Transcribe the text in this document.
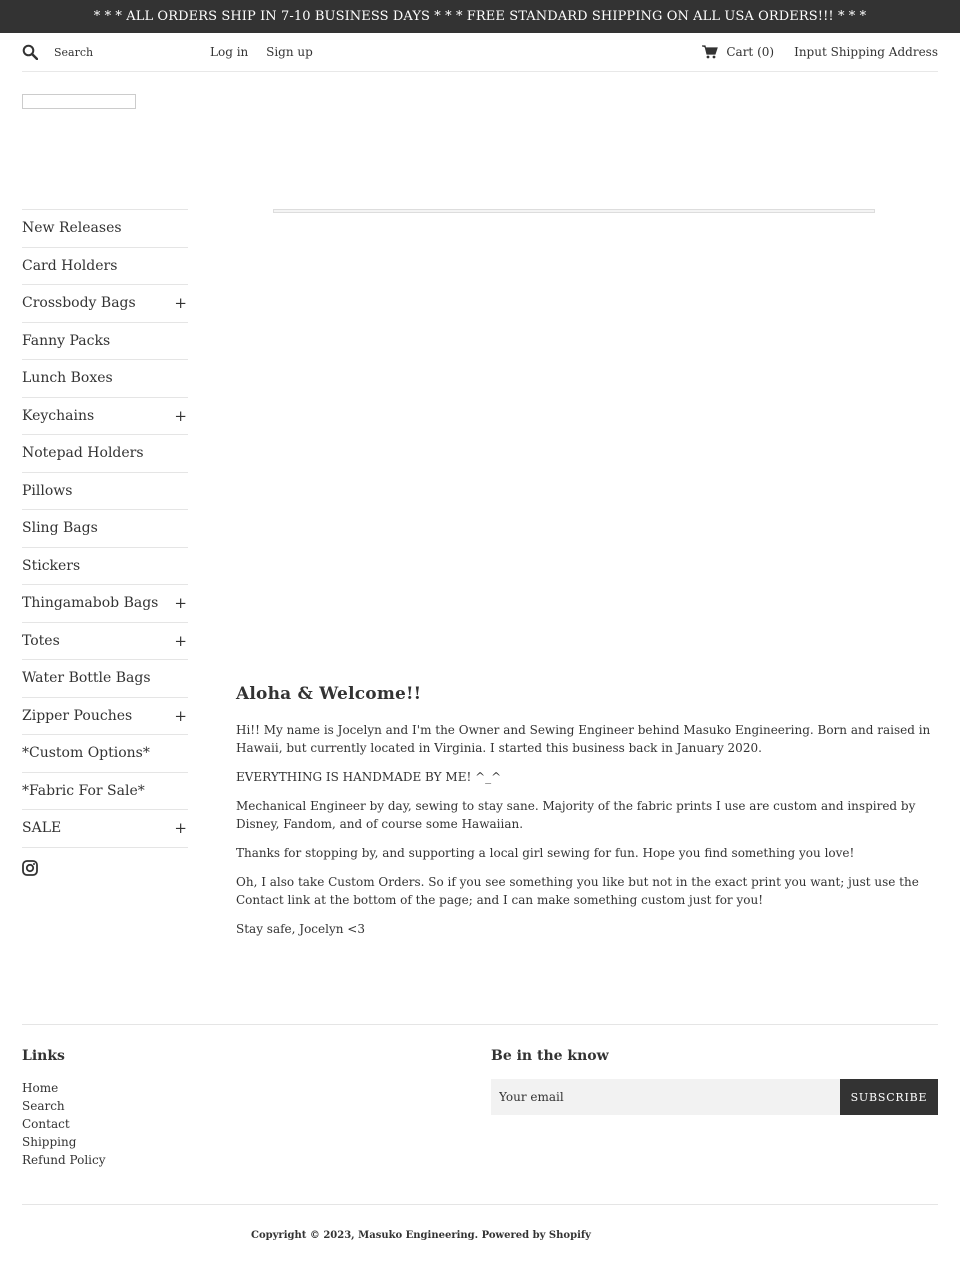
* * * ALL ORDERS SHIP IN 7-10 BUSINESS DAYS * * * FREE STANDARD SHIPPING ON ALL USA ORDERS!!! * * *
Search
Log in Sign up	Cart (0) Input Shipping Address
New Releases
Card Holders
Crossbody Bags	+
Fanny Packs
Lunch Boxes
Keychains	+
Notepad Holders
Pillows
Sling Bags
Stickers
Thingamabob Bags +
Totes	+
Water Bottle Bags
Zipper Pouches	+
*Custom Options*
*Fabric For Sale*
SALE	+
Aloha & Welcome!!

Hi!! My name is Jocelyn and I'm the Owner and Sewing Engineer behind Masuko Engineering. Born and raised in Hawaii, but currently located in Virginia. I started this business back in January 2020.

EVERYTHING IS HANDMADE BY ME! ^_^

Mechanical Engineer by day, sewing to stay sane. Majority of the fabric prints I use are custom and inspired by Disney, Fandom, and of course some Hawaiian.

Thanks for stopping by, and supporting a local girl sewing for fun. Hope you find something you love!

Oh, I also take Custom Orders. So if you see something you like but not in the exact print you want; just use the Contact link at the bottom of the page; and I can make something custom just for you!

Stay safe, Jocelyn <3

Links
Home
Search
Contact
Shipping
Refund Policy
Be in the know
Your email
SUBSCRIBE
Copyright © 2023, Masuko Engineering. Powered by Shopify
